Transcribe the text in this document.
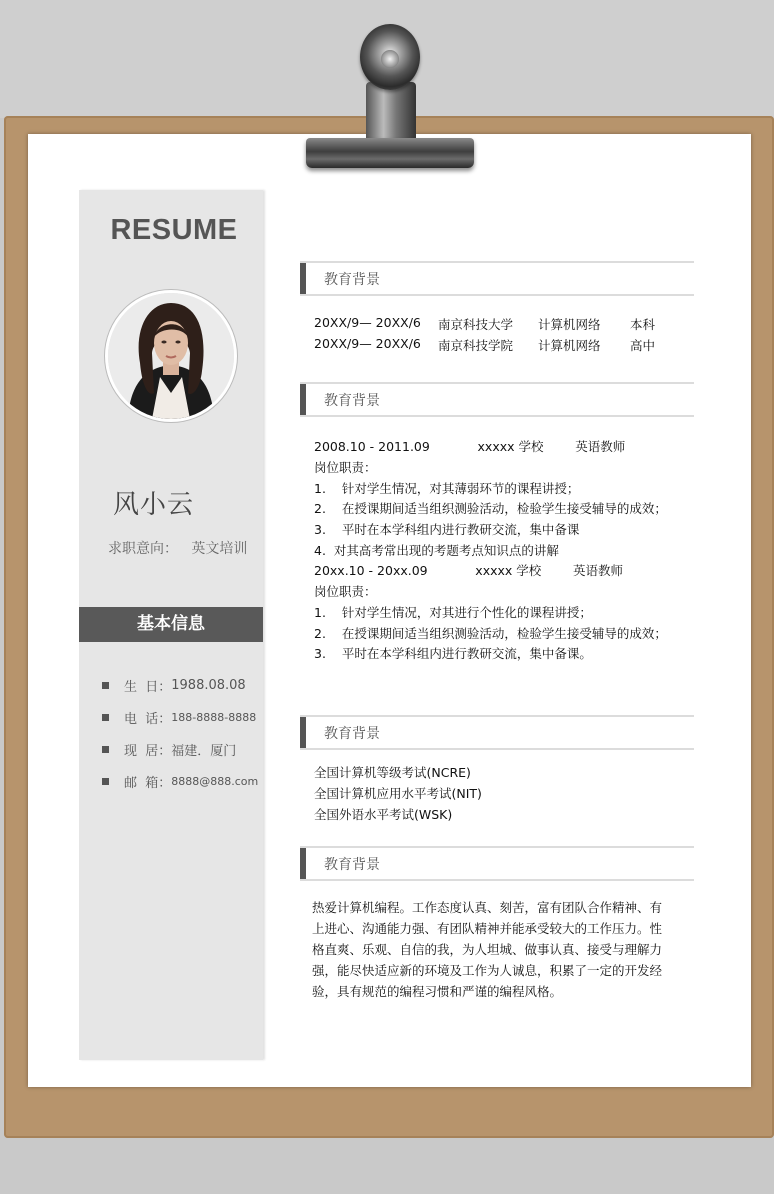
RESUME
风小云
求职意向： 英文培训
基本信息
生  日： 1988.08.08
电  话： 188-8888-8888
现  居： 福建．厦门
邮  箱： 8888@888.com
教育背景

20XX/9— 20XX/6

南京科技大学

计算机网络

本科

20XX/9— 20XX/6

南京科技学院

计算机网络

高中

教育背景
2008.10 - 2011.09            xxxxx 学校        英语教师
岗位职责：
1.    针对学生情况，对其薄弱环节的课程讲授；
2.    在授课期间适当组织测验活动，检验学生接受辅导的成效；
3.    平时在本学科组内进行教研交流，集中备课
4.  对其高考常出现的考题考点知识点的讲解
20xx.10 - 20xx.09            xxxxx 学校        英语教师
岗位职责：
1.    针对学生情况，对其进行个性化的课程讲授；
2.    在授课期间适当组织测验活动，检验学生接受辅导的成效；
3.    平时在本学科组内进行教研交流，集中备课。
教育背景
全国计算机等级考试(NCRE)
全国计算机应用水平考试(NIT)
全国外语水平考试(WSK)
教育背景
热爱计算机编程。工作态度认真、刻苦，富有团队合作精神、有上进心、沟通能力强、有团队精神并能承受较大的工作压力。性格直爽、乐观、自信的我，为人坦城、做事认真、接受与理解力强，能尽快适应新的环境及工作为人诚息，积累了一定的开发经验，具有规范的编程习惯和严谨的编程风格。
